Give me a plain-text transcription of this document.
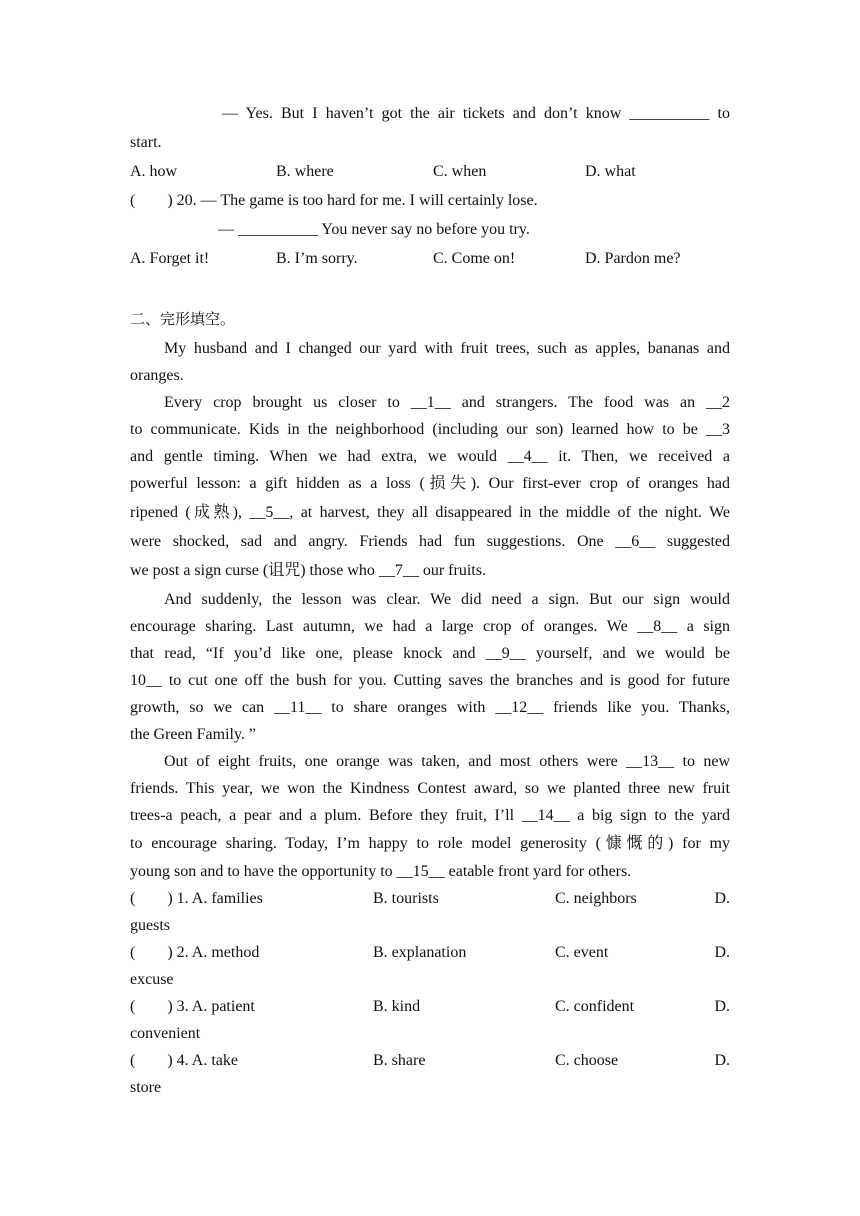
— Yes. But I haven’t got the air tickets and don’t know __________ to
start.
A. how	B. where	C. when	D. what
(　　) 20. — The game is too hard for me. I will certainly lose.
— __________ You never say no before you try.
A. Forget it!	B. I’m sorry.	C. Come on!	D. Pardon me?
二、完形填空。
My husband and I changed our yard with fruit trees, such as apples, bananas and
oranges.
Every crop brought us closer to __1__ and strangers. The food was an __2
to communicate. Kids in the neighborhood (including our son) learned how to be __3
and gentle timing. When we had extra, we would __4__ it. Then, we received a
powerful lesson: a gift hidden as a loss (损失). Our first-ever crop of oranges had
ripened (成熟), __5__, at harvest, they all disappeared in the middle of the night. We
were shocked, sad and angry. Friends had fun suggestions. One __6__ suggested
we post a sign curse (诅咒) those who __7__ our fruits.
And suddenly, the lesson was clear. We did need a sign. But our sign would
encourage sharing. Last autumn, we had a large crop of oranges. We __8__ a sign
that read, “If you’d like one, please knock and __9__ yourself, and we would be
10__ to cut one off the bush for you. Cutting saves the branches and is good for future
growth, so we can __11__ to share oranges with __12__ friends like you. Thanks,
the Green Family. ”
Out of eight fruits, one orange was taken, and most others were __13__ to new
friends. This year, we won the Kindness Contest award, so we planted three new fruit
trees-a peach, a pear and a plum. Before they fruit, I’ll __14__ a big sign to the yard
to encourage sharing. Today, I’m happy to role model generosity (慷慨的) for my
young son and to have the opportunity to __15__ eatable front yard for others.
(　　) 1. A. families	B. tourists	C. neighbors	D.
guests
(　　) 2. A. method	B. explanation	C. event	D.
excuse
(　　) 3. A. patient	B. kind	C. confident	D.
convenient
(　　) 4. A. take	B. share	C. choose	D.
store
